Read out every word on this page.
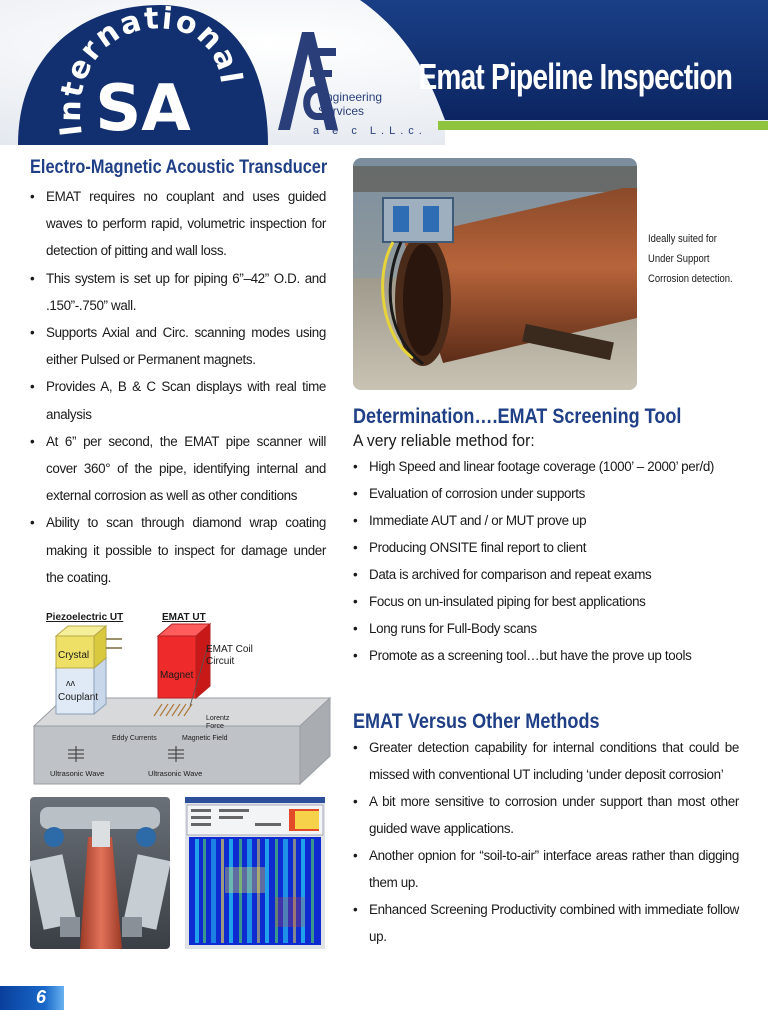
International
SA	Engineering
Services
a e c L.L.c.
Emat Pipeline Inspection
Electro-Magnetic Acoustic Transducer
• EMAT requires no couplant and uses guided waves to perform rapid, volumetric inspection for detection of pitting and wall loss.
• This system is set up for piping 6”–42” O.D. and .150”-.750” wall.
• Supports Axial and Circ. scanning modes using either Pulsed or Permanent magnets.
• Provides A, B & C Scan displays with real time analysis
• At 6” per second, the EMAT pipe scanner will cover 360° of the pipe, identifying internal and external corrosion as well as other conditions
• Ability to scan through diamond wrap coating making it possible to inspect for damage under the coating.
Piezoelectric UT	EMAT UT
Couplant
ᴧᴧ
Crystal
Magnet
EMAT Coil
Circuit
Lorentz
Force
Eddy Currents	Magnetic Field
Ultrasonic Wave	Ultrasonic Wave
Ideally suited for Under Support Corrosion detection.
Determination….EMAT Screening Tool
A very reliable method for:
• High Speed and linear footage coverage (1000’ – 2000’ per/d)
• Evaluation of corrosion under supports
• Immediate AUT and / or MUT prove up
• Producing ONSITE final report to client
• Data is archived for comparison and repeat exams
• Focus on un-insulated piping for best applications
• Long runs for Full-Body scans
• Promote as a screening tool…but have the prove up tools
EMAT Versus Other Methods
• Greater detection capability for internal conditions that could be missed with conventional UT including ‘under deposit corrosion’
• A bit more sensitive to corrosion under support than most other guided wave applications.
• Another opnion for “soil-to-air” interface areas rather than digging them up.
• Enhanced Screening Productivity combined with immediate follow up.
6
